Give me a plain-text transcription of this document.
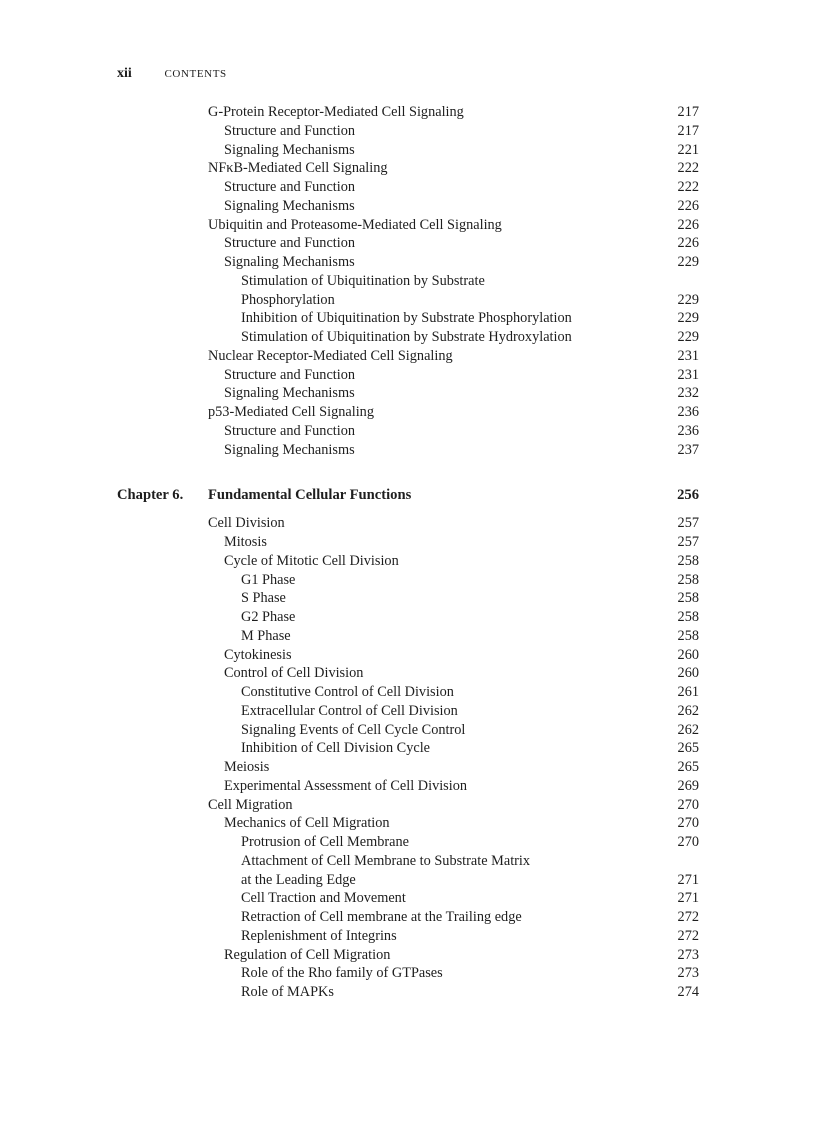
xii	CONTENTS
G-Protein Receptor-Mediated Cell Signaling	217
Structure and Function	217
Signaling Mechanisms	221
NFκB-Mediated Cell Signaling	222
Structure and Function	222
Signaling Mechanisms	226
Ubiquitin and Proteasome-Mediated Cell Signaling	226
Structure and Function	226
Signaling Mechanisms	229
Stimulation of Ubiquitination by Substrate
Phosphorylation	229
Inhibition of Ubiquitination by Substrate Phosphorylation	229
Stimulation of Ubiquitination by Substrate Hydroxylation	229
Nuclear Receptor-Mediated Cell Signaling	231
Structure and Function	231
Signaling Mechanisms	232
p53-Mediated Cell Signaling	236
Structure and Function	236
Signaling Mechanisms	237
Chapter 6. Fundamental Cellular Functions	256
Cell Division	257
Mitosis	257
Cycle of Mitotic Cell Division	258
G1 Phase	258
S Phase	258
G2 Phase	258
M Phase	258
Cytokinesis	260
Control of Cell Division	260
Constitutive Control of Cell Division	261
Extracellular Control of Cell Division	262
Signaling Events of Cell Cycle Control	262
Inhibition of Cell Division Cycle	265
Meiosis	265
Experimental Assessment of Cell Division	269
Cell Migration	270
Mechanics of Cell Migration	270
Protrusion of Cell Membrane	270
Attachment of Cell Membrane to Substrate Matrix
at the Leading Edge	271
Cell Traction and Movement	271
Retraction of Cell membrane at the Trailing edge	272
Replenishment of Integrins	272
Regulation of Cell Migration	273
Role of the Rho family of GTPases	273
Role of MAPKs	274
